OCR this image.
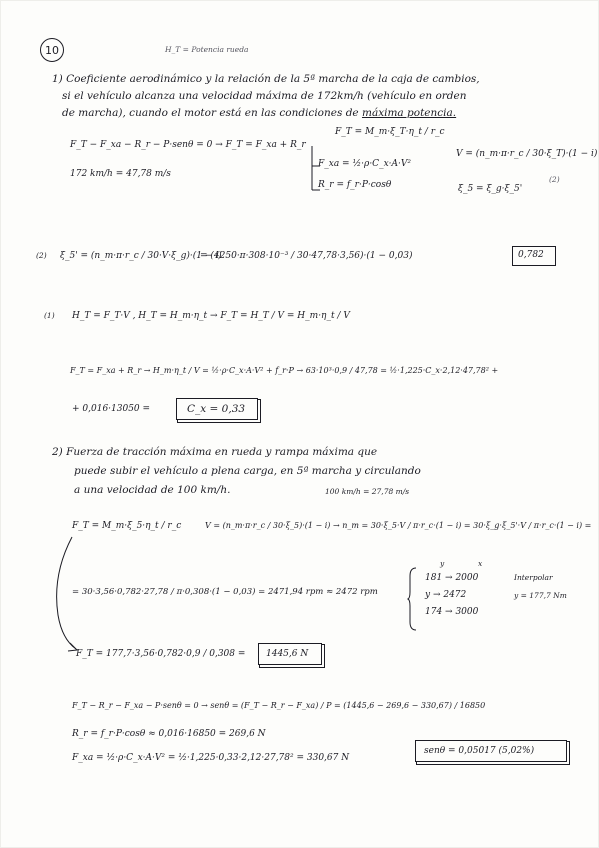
10	H_T = Potencia rueda
1) Coeficiente aerodinámico y la relación de la 5ª marcha de la caja de cambios,
si el vehículo alcanza una velocidad máxima de 172km/h (vehículo en orden
de marcha), cuando el motor está en las condiciones de máxima potencia.
F_T − F_xa − R_r − P·senθ = 0 → F_T = F_xa + R_r
F_T = M_m·ξ_T·η_t / r_c
F_xa = ½·ρ·C_x·A·V²
R_r = f_r·P·cosθ
172 km/h = 47,78 m/s
V = (n_m·π·r_c / 30·ξ_T)·(1 − i)
ξ_5 = ξ_g·ξ_5'
(2)
(2) ξ_5' = (n_m·π·r_c / 30·V·ξ_g)·(1 − i)
= (4250·π·308·10⁻³ / 30·47,78·3,56)·(1 − 0,03)	0,782
(1) H_T = F_T·V , H_T = H_m·η_t → F_T = H_T / V = H_m·η_t / V
F_T = F_xa + R_r → H_m·η_t / V = ½·ρ·C_x·A·V² + f_r·P → 63·10³·0,9 / 47,78 = ½·1,225·C_x·2,12·47,78² +
+ 0,016·13050 =	C_x = 0,33
2) Fuerza de tracción máxima en rueda y rampa máxima que
puede subir el vehículo a plena carga, en 5ª marcha y circulando
a una velocidad de 100 km/h.	100 km/h = 27,78 m/s
F_T = M_m·ξ_5·η_t / r_c	V = (n_m·π·r_c / 30·ξ_5)·(1 − i) → n_m = 30·ξ_5·V / π·r_c·(1 − i) = 30·ξ_g·ξ_5'·V / π·r_c·(1 − i) =
= 30·3,56·0,782·27,78 / π·0,308·(1 − 0,03) = 2471,94 rpm ≈ 2472 rpm
y	x
181 → 2000
y → 2472
174 → 3000
Interpolar
y = 177,7 Nm
F_T = 177,7·3,56·0,782·0,9 / 0,308 = 1445,6 N
F_T − R_r − F_xa − P·senθ = 0 → senθ = (F_T − R_r − F_xa) / P = (1445,6 − 269,6 − 330,67) / 16850
R_r = f_r·P·cosθ ≈ 0,016·16850 = 269,6 N
F_xa = ½·ρ·C_x·A·V² = ½·1,225·0,33·2,12·27,78² = 330,67 N
senθ = 0,05017 (5,02%)
